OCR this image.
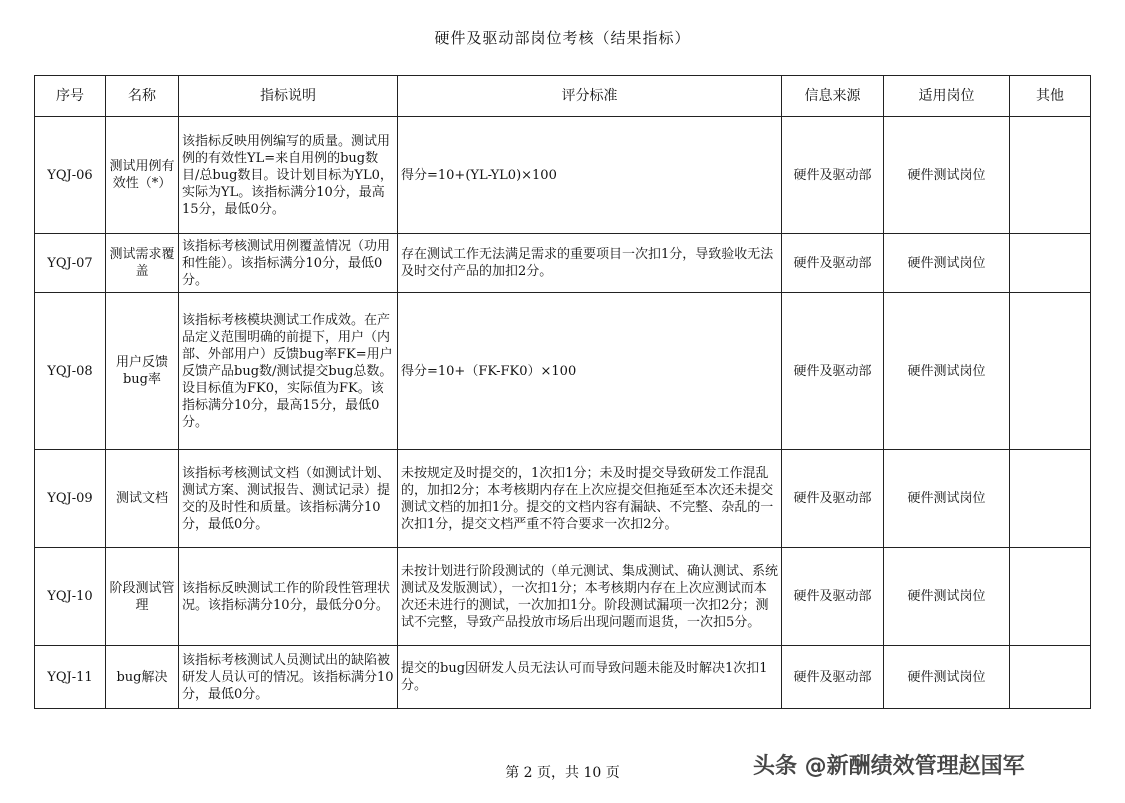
硬件及驱动部岗位考核（结果指标）
序号	名称	指标说明	评分标准	信息来源	适用岗位	其他
YQJ-06	测试用例有效性（*）	该指标反映用例编写的质量。测试用例的有效性YL=来自用例的bug数目/总bug数目。设计划目标为YL0，实际为YL。该指标满分10分，最高15分，最低0分。	得分=10+(YL-YL0)×100	硬件及驱动部	硬件测试岗位	
YQJ-07	测试需求覆盖	该指标考核测试用例覆盖情况（功用和性能）。该指标满分10分，最低0分。	存在测试工作无法满足需求的重要项目一次扣1分，导致验收无法及时交付产品的加扣2分。	硬件及驱动部	硬件测试岗位	
YQJ-08	用户反馈bug率	该指标考核模块测试工作成效。在产品定义范围明确的前提下，用户（内部、外部用户）反馈bug率FK=用户反馈产品bug数/测试提交bug总数。设目标值为FK0，实际值为FK。该指标满分10分，最高15分，最低0分。	得分=10+（FK-FK0）×100	硬件及驱动部	硬件测试岗位	
YQJ-09	测试文档	该指标考核测试文档（如测试计划、测试方案、测试报告、测试记录）提交的及时性和质量。该指标满分10分，最低0分。	未按规定及时提交的，1次扣1分；未及时提交导致研发工作混乱的，加扣2分；本考核期内存在上次应提交但拖延至本次还未提交测试文档的加扣1分。提交的文档内容有漏缺、不完整、杂乱的一次扣1分，提交文档严重不符合要求一次扣2分。	硬件及驱动部	硬件测试岗位	
YQJ-10	阶段测试管理	该指标反映测试工作的阶段性管理状况。该指标满分10分，最低分0分。	未按计划进行阶段测试的（单元测试、集成测试、确认测试、系统测试及发版测试），一次扣1分；本考核期内存在上次应测试而本次还未进行的测试，一次加扣1分。阶段测试漏项一次扣2分；测试不完整，导致产品投放市场后出现问题而退货，一次扣5分。	硬件及驱动部	硬件测试岗位	
YQJ-11	bug解决	该指标考核测试人员测试出的缺陷被研发人员认可的情况。该指标满分10分，最低0分。	提交的bug因研发人员无法认可而导致问题未能及时解决1次扣1分。	硬件及驱动部	硬件测试岗位	
第 2 页，共 10 页	头条 @新酬绩效管理赵国军
